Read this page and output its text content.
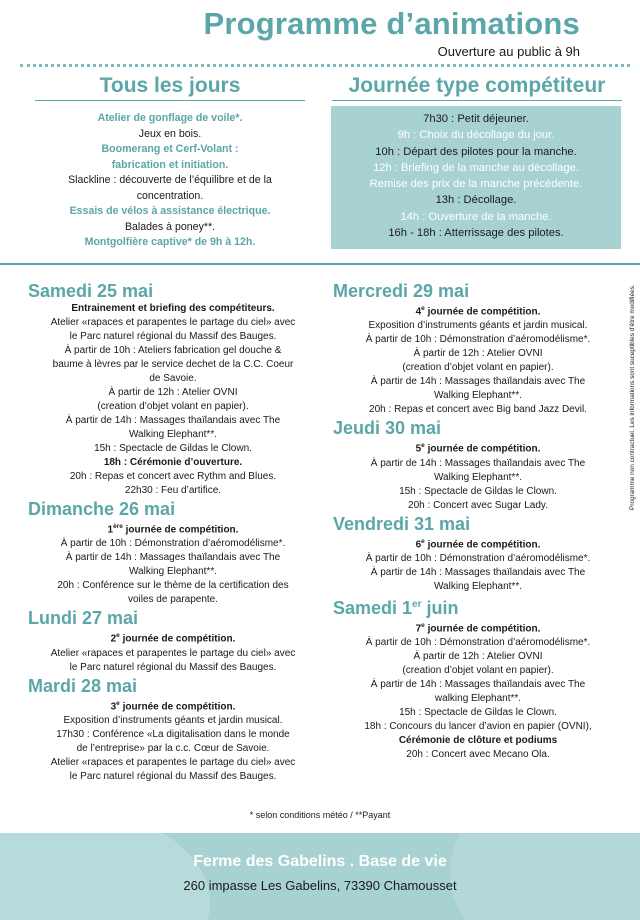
Programme d’animations
Ouverture au public à 9h
Tous les jours	Journée type compétiteur
Atelier de gonflage de voile*.
Jeux en bois.
Boomerang et Cerf-Volant :
fabrication et initiation.
Slackline : découverte de l’équilibre et de la
concentration.
Essais de vélos à assistance électrique.
Balades à poney**.
Montgolfière captive* de 9h à 12h.
7h30 : Petit déjeuner.
9h : Choix du décollage du jour.
10h : Départ des pilotes pour la manche.
12h : Briefing de la manche au décollage.
Remise des prix de la manche précédente.
13h : Décollage.
14h : Ouverture de la manche.
16h - 18h : Atterrissage des pilotes.
Samedi 25 mai
Entrainement et briefing des compétiteurs.
Atelier «rapaces et parapentes le partage du ciel» avec
le Parc naturel régional du Massif des Bauges.
À partir de 10h : Ateliers fabrication gel douche &
baume à lèvres par le service dechet de la C.C. Coeur
de Savoie.
À partir de 12h : Atelier OVNI
(creation d’objet volant en papier).
À partir de 14h : Massages thaïlandais avec The
Walking Elephant**.
15h : Spectacle de Gildas le Clown.
18h : Cérémonie d’ouverture.
20h : Repas et concert avec Rythm and Blues.
22h30 : Feu d’artifice.
Dimanche 26 mai
1ère journée de compétition.
À partir de 10h : Démonstration d’aéromodélisme*.
À partir de 14h : Massages thaïlandais avec The
Walking Elephant**.
20h : Conférence sur le thème de la certification des
voiles de parapente.
Lundi 27 mai
2e journée de compétition.
Atelier «rapaces et parapentes le partage du ciel» avec
le Parc naturel régional du Massif des Bauges.
Mardi 28 mai
3e journée de compétition.
Exposition d’instruments géants et jardin musical.
17h30 : Conférence «La digitalisation dans le monde
de l’entreprise» par la c.c. Cœur de Savoie.
Atelier «rapaces et parapentes le partage du ciel» avec
le Parc naturel régional du Massif des Bauges.
Mercredi 29 mai
4e journée de compétition.
Exposition d’instruments géants et jardin musical.
À partir de 10h : Démonstration d’aéromodélisme*.
À partir de 12h : Atelier OVNI
(creation d’objet volant en papier).
À partir de 14h : Massages thaïlandais avec The
Walking Elephant**.
20h : Repas et concert avec Big band Jazz Devil.
Jeudi 30 mai
5e journée de compétition.
À partir de 14h : Massages thaïlandais avec The
Walking Elephant**.
15h : Spectacle de Gildas le Clown.
20h : Concert avec Sugar Lady.
Vendredi 31 mai
6e journée de compétition.
À partir de 10h : Démonstration d’aéromodélisme*.
À partir de 14h : Massages thaïlandais avec The
Walking Elephant**.
Samedi 1er juin
7e journée de compétition.
À partir de 10h : Démonstration d’aéromodélisme*.
À partir de 12h : Atelier OVNI
(creation d’objet volant en papier).
À partir de 14h : Massages thaïlandais avec The
walking Elephant**.
15h : Spectacle de Gildas le Clown.
18h : Concours du lancer d’avion en papier (OVNI),
Cérémonie de clôture et podiums
20h : Concert avec Mecano Ola.
Programme non contractuel. Les informations sont suceptibles d’être modifiées.
* selon conditions météo / **Payant
Ferme des Gabelins . Base de vie
260 impasse Les Gabelins, 73390 Chamousset
